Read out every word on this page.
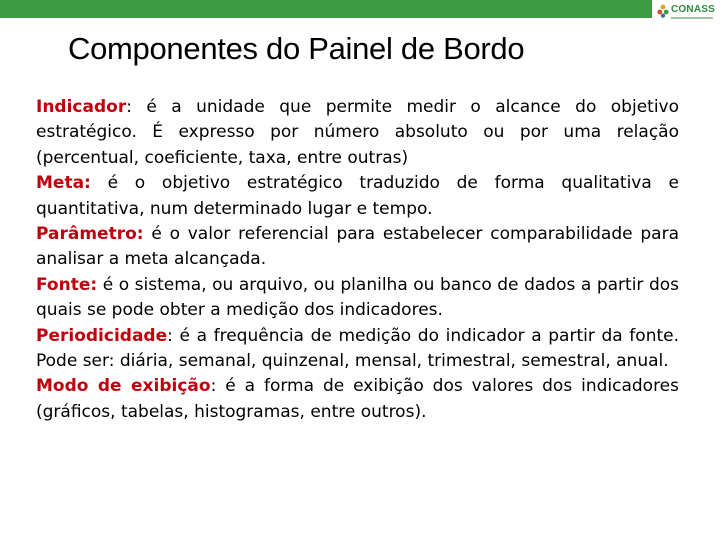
CONASS
Componentes do Painel de Bordo

Indicador: é a unidade que permite medir o alcance do objetivo estratégico. É expresso por número absoluto ou por uma relação (percentual, coeficiente, taxa, entre outras)

Meta: é o objetivo estratégico traduzido de forma qualitativa e quantitativa, num determinado lugar e tempo.

Parâmetro: é o valor referencial para estabelecer comparabilidade para analisar a meta alcançada.

Fonte: é o sistema, ou arquivo, ou planilha ou banco de dados a partir dos quais se pode obter a medição dos indicadores.

Periodicidade: é a frequência de medição do indicador a partir da fonte. Pode ser: diária, semanal, quinzenal, mensal, trimestral, semestral, anual.

Modo de exibição: é a forma de exibição dos valores dos indicadores (gráficos, tabelas, histogramas, entre outros).
